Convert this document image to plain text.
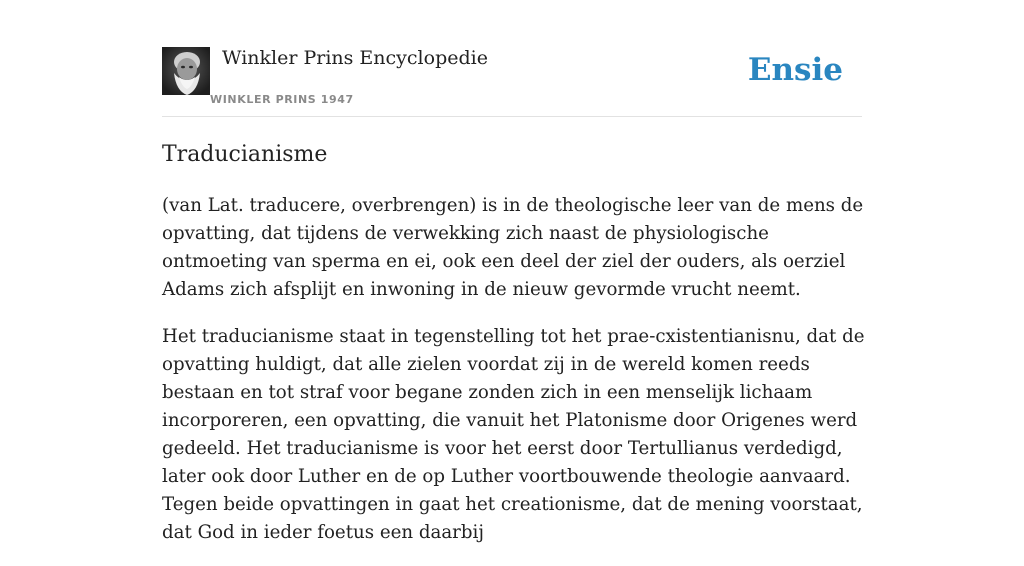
Winkler Prins Encyclopedie
WINKLER PRINS 1947
Ensie
Traducianisme

(van Lat. traducere, overbrengen) is in de theologische leer van de mens de opvatting, dat tijdens de verwekking zich naast de physiologische ontmoeting van sperma en ei, ook een deel der ziel der ouders, als oerziel Adams zich afsplijt en inwoning in de nieuw gevormde vrucht neemt.

Het traducianisme staat in tegenstelling tot het prae-cxistentianisnu, dat de opvatting huldigt, dat alle zielen voordat zij in de wereld komen reeds bestaan en tot straf voor begane zonden zich in een menselijk lichaam incorporeren, een opvatting, die vanuit het Platonisme door Origenes werd gedeeld. Het traducianisme is voor het eerst door Tertullianus verdedigd, later ook door Luther en de op Luther voortbouwende theologie aanvaard. Tegen beide opvattingen in gaat het creationisme, dat de mening voorstaat, dat God in ieder foetus een daarbij
